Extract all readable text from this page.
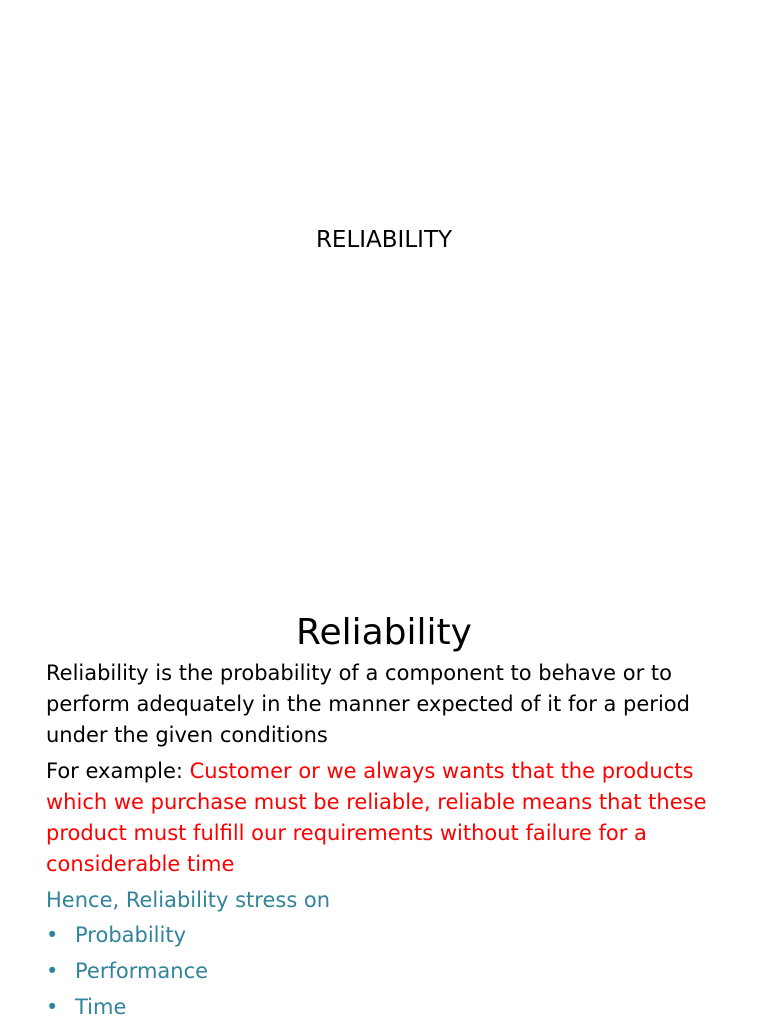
RELIABILITY
Reliability

Reliability is the probability of a component to behave or to perform adequately in the manner expected of it for a period under the given conditions

For example: Customer or we always wants that the products which we purchase must be reliable, reliable means that these product must fulfill our requirements without failure for a considerable time

Hence, Reliability stress on

• Probability
• Performance
• Time
